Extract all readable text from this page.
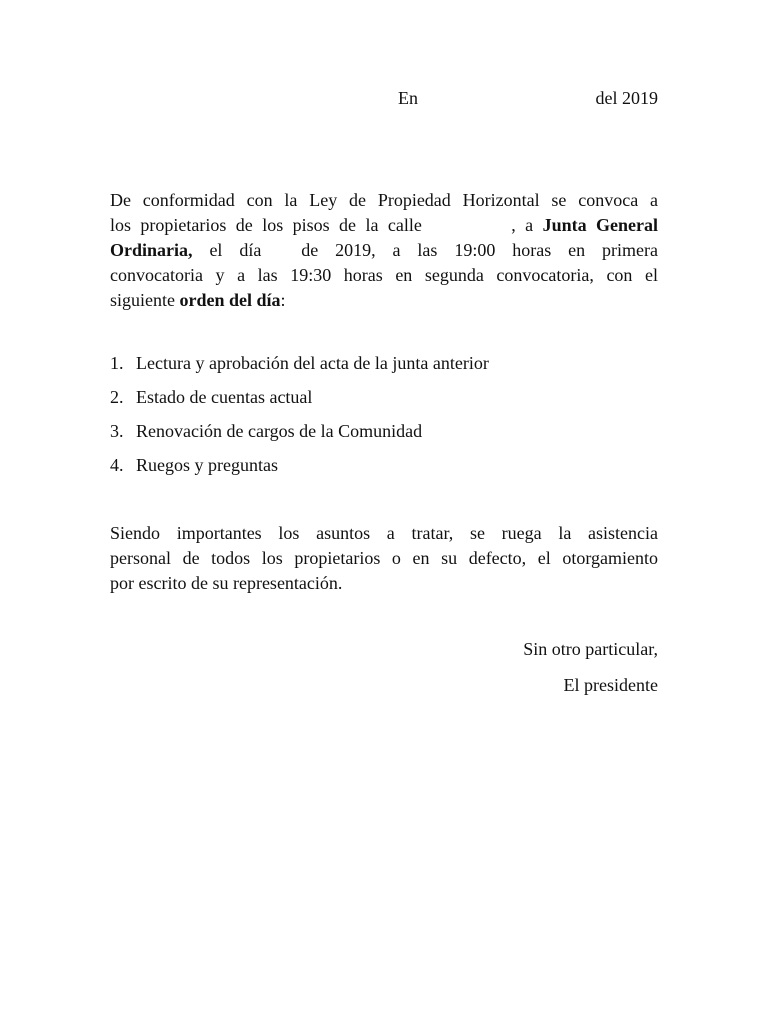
En	del 2019
De conformidad con la Ley de Propiedad Horizontal se convoca a
los propietarios de los pisos de la calle	, a Junta General
Ordinaria, el día de 2019, a las 19:00 horas en primera
convocatoria y a las 19:30 horas en segunda convocatoria, con el
siguiente orden del día:
1. Lectura y aprobación del acta de la junta anterior
2. Estado de cuentas actual
3. Renovación de cargos de la Comunidad
4. Ruegos y preguntas
Siendo importantes los asuntos a tratar, se ruega la asistencia
personal de todos los propietarios o en su defecto, el otorgamiento
por escrito de su representación.
Sin otro particular,
El presidente
